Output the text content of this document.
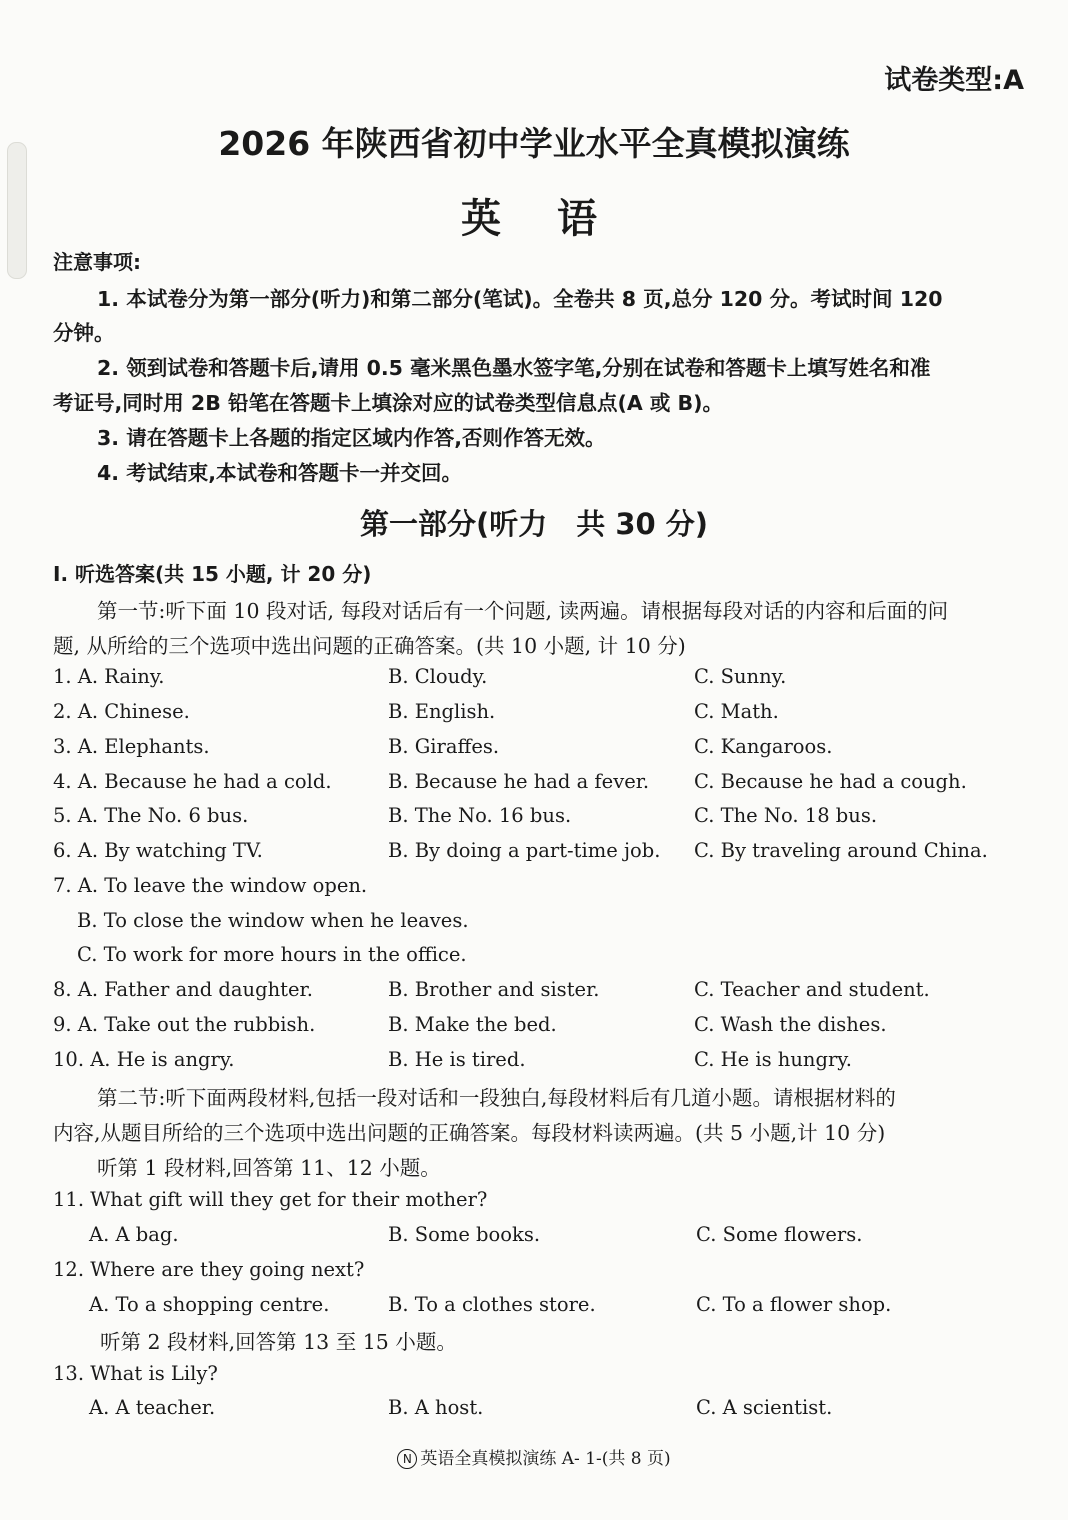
试卷类型:A
2026 年陕西省初中学业水平全真模拟演练
英 语
注意事项:
1. 本试卷分为第一部分(听力)和第二部分(笔试)。全卷共 8 页,总分 120 分。考试时间 120
分钟。
2. 领到试卷和答题卡后,请用 0.5 毫米黑色墨水签字笔,分别在试卷和答题卡上填写姓名和准
考证号,同时用 2B 铅笔在答题卡上填涂对应的试卷类型信息点(A 或 B)。
3. 请在答题卡上各题的指定区域内作答,否则作答无效。
4. 考试结束,本试卷和答题卡一并交回。
第一部分(听力　共 30 分)
Ⅰ. 听选答案(共 15 小题, 计 20 分)
第一节:听下面 10 段对话, 每段对话后有一个问题, 读两遍。请根据每段对话的内容和后面的问
题, 从所给的三个选项中选出问题的正确答案。(共 10 小题, 计 10 分)
1. A. Rainy.	B. Cloudy.	C. Sunny.
2. A. Chinese.	B. English.	C. Math.
3. A. Elephants.	B. Giraffes.	C. Kangaroos.
4. A. Because he had a cold.	B. Because he had a fever. C. Because he had a cough.
5. A. The No. 6 bus.	B. The No. 16 bus.	C. The No. 18 bus.
6. A. By watching TV.	B. By doing a part-time job. C. By traveling around China.
7. A. To leave the window open.
B. To close the window when he leaves.
C. To work for more hours in the office.
8. A. Father and daughter.	B. Brother and sister.	C. Teacher and student.
9. A. Take out the rubbish.	B. Make the bed.	C. Wash the dishes.
10. A. He is angry.	B. He is tired.	C. He is hungry.
第二节:听下面两段材料,包括一段对话和一段独白,每段材料后有几道小题。请根据材料的
内容,从题目所给的三个选项中选出问题的正确答案。每段材料读两遍。(共 5 小题,计 10 分)
听第 1 段材料,回答第 11、12 小题。
11. What gift will they get for their mother?
A. A bag.	B. Some books.	C. Some flowers.
12. Where are they going next?
A. To a shopping centre.	B. To a clothes store.	C. To a flower shop.
听第 2 段材料,回答第 13 至 15 小题。
13. What is Lily?
A. A teacher.	B. A host.	C. A scientist.
N 英语全真模拟演练 A- 1-(共 8 页)
